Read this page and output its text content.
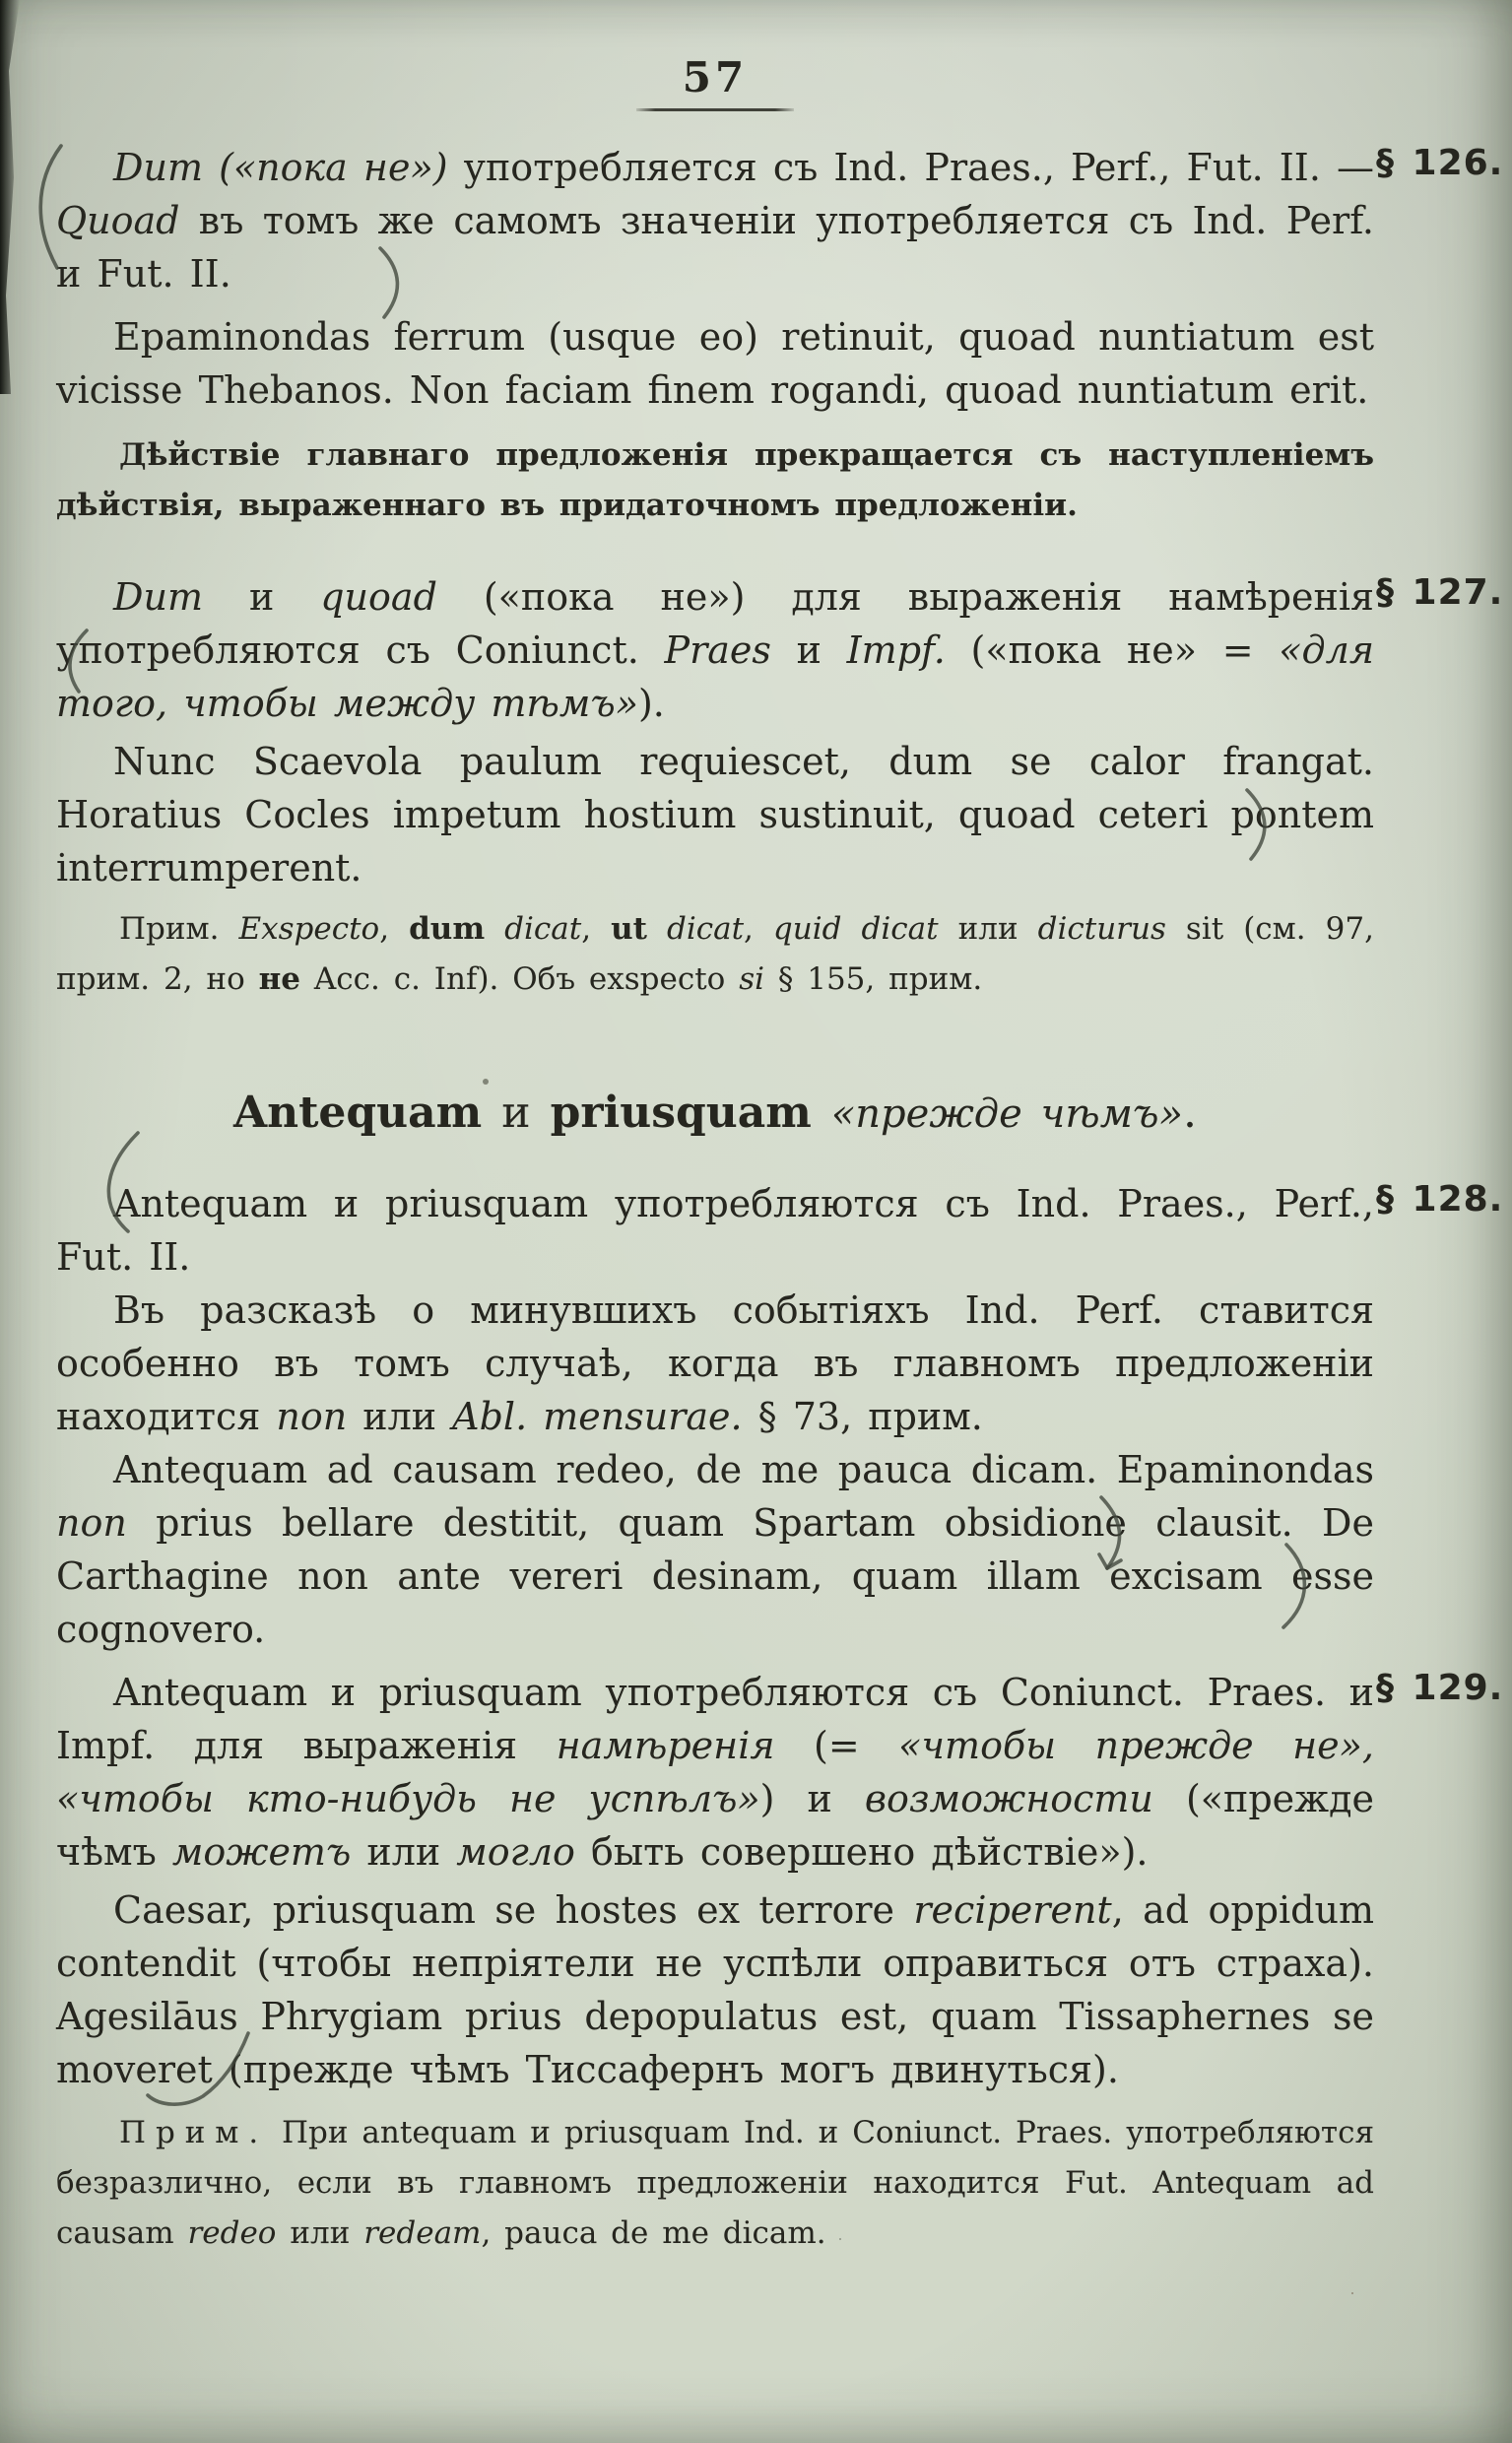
57
§ 126.
Dum («пока не») употребляется съ Ind. Praes., Perf., Fut. II. — Quoad въ томъ же самомъ значеніи употребляется съ Ind. Perf. и Fut. II.
Epaminondas ferrum (usque eo) retinuit, quoad nuntiatum est vicisse Thebanos. Non faciam finem rogandi, quoad nuntiatum erit.
Дѣйствіе главнаго предложенія прекращается съ наступленіемъ дѣйствія, выраженнаго въ придаточномъ предложеніи.
§ 127.
Dum и quoad («пока не») для выраженія намѣренія употребляются съ Coniunct. Praes и Impf. («пока не» = «для того, чтобы между тѣмъ»).
Nunc Scaevola paulum requiescet, dum se calor frangat. Horatius Cocles impetum hostium sustinuit, quoad ceteri pontem interrumperent.
Прим. Exspecto, dum dicat, ut dicat, quid dicat или dicturus sit (см. 97, прим. 2, но не Acc. c. Inf). Объ exspecto si § 155, прим.
Antequam и priusquam «прежде чѣмъ».
§ 128.
Antequam и priusquam употребляются съ Ind. Praes., Perf., Fut. II.
Въ разсказѣ о минувшихъ событіяхъ Ind. Perf. ставится особенно въ томъ случаѣ, когда въ главномъ предложеніи находится non или Abl. mensurae. § 73, прим.
Antequam ad causam redeo, de me pauca dicam. Epaminondas non prius bellare destitit, quam Spartam obsidione clausit. De Carthagine non ante vereri desinam, quam illam excisam esse cognovero.
§ 129.
Antequam и priusquam употребляются съ Coniunct. Praes. и Impf. для выраженія намѣренія (= «чтобы прежде не», «чтобы кто-нибудь не успѣлъ») и возможности («прежде чѣмъ можетъ или могло быть совершено дѣйствіе»).
Caesar, priusquam se hostes ex terrore reciperent, ad oppidum contendit (чтобы непріятели не успѣли оправиться отъ страха). Agesilāus Phrygiam prius depopulatus est, quam Tissaphernes se moveret (прежде чѣмъ Тиссафернъ могъ двинуться).
Прим. При antequam и priusquam Ind. и Coniunct. Praes. употребляются безразлично, если въ главномъ предложеніи находится Fut. Antequam ad causam redeo или redeam, pauca de me dicam.
